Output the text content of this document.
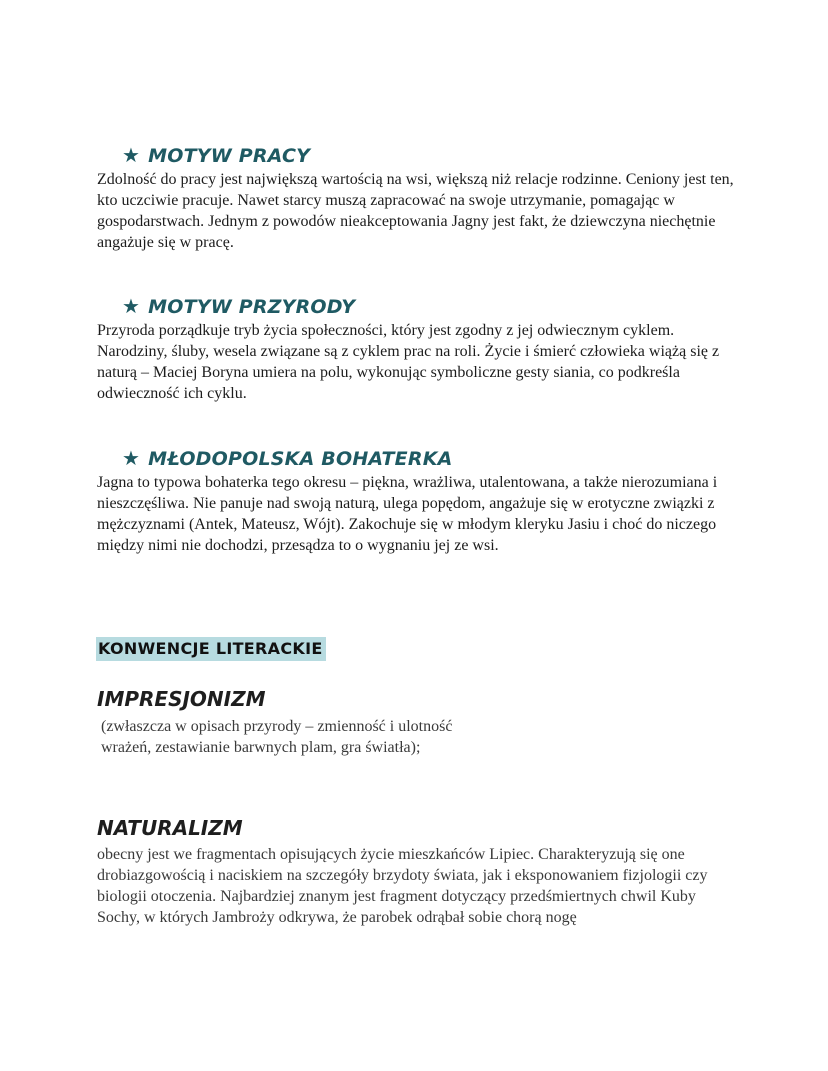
★ MOTYW PRACY

Zdolność do pracy jest największą wartością na wsi, większą niż relacje rodzinne. Ceniony jest ten, kto uczciwie pracuje. Nawet starcy muszą zapracować na swoje utrzymanie, pomagając w gospodarstwach. Jednym z powodów nieakceptowania Jagny jest fakt, że dziewczyna niechętnie angażuje się w pracę.

★ MOTYW PRZYRODY

Przyroda porządkuje tryb życia społeczności, który jest zgodny z jej odwiecznym cyklem. Narodziny, śluby, wesela związane są z cyklem prac na roli. Życie i śmierć człowieka wiążą się z naturą – Maciej Boryna umiera na polu, wykonując symboliczne gesty siania, co podkreśla odwieczność ich cyklu.

★ MŁODOPOLSKA BOHATERKA

Jagna to typowa bohaterka tego okresu – piękna, wrażliwa, utalentowana, a także nierozumiana i nieszczęśliwa. Nie panuje nad swoją naturą, ulega popędom, angażuje się w erotyczne związki z mężczyznami (Antek, Mateusz, Wójt). Zakochuje się w młodym kleryku Jasiu i choć do niczego między nimi nie dochodzi, przesądza to o wygnaniu jej ze wsi.

KONWENCJE LITERACKIE
IMPRESJONIZM

(zwłaszcza w opisach przyrody – zmienność i ulotność wrażeń, zestawianie barwnych plam, gra światła);

NATURALIZM

obecny jest we fragmentach opisujących życie mieszkańców Lipiec. Charakteryzują się one drobiazgowością i naciskiem na szczegóły brzydoty świata, jak i eksponowaniem fizjologii czy biologii otoczenia. Najbardziej znanym jest fragment dotyczący przedśmiertnych chwil Kuby Sochy, w których Jambroży odkrywa, że parobek odrąbał sobie chorą nogę
